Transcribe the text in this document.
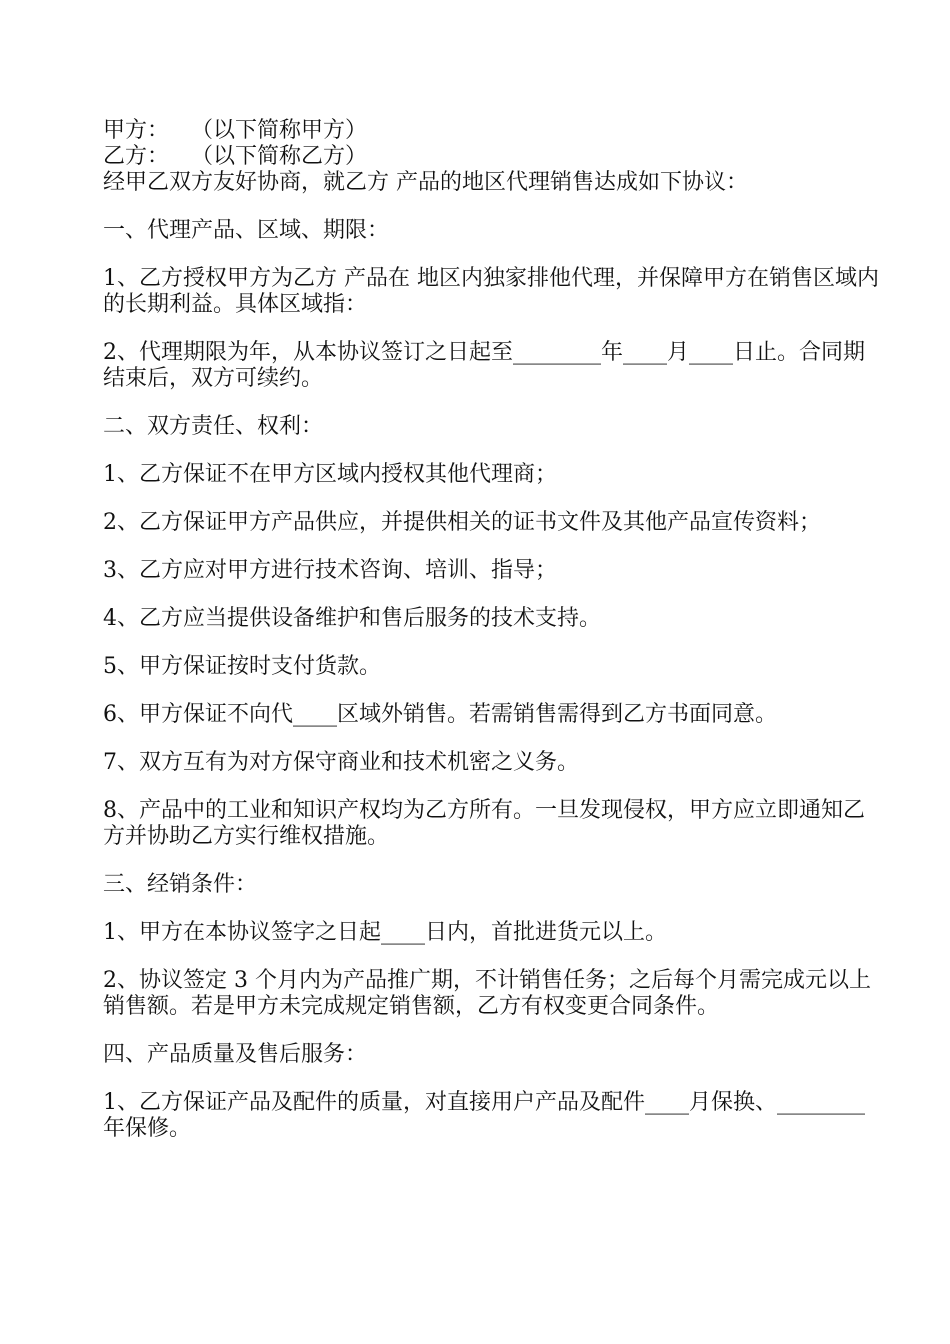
甲方： （以下简称甲方）

乙方： （以下简称乙方）

经甲乙双方友好协商，就乙方 产品的地区代理销售达成如下协议：

一、代理产品、区域、期限：

1、乙方授权甲方为乙方 产品在 地区内独家排他代理，并保障甲方在销售区域内的长期利益。具体区域指：

2、代理期限为年，从本协议签订之日起至________年____月____日止。合同期结束后，双方可续约。

二、双方责任、权利：

1、乙方保证不在甲方区域内授权其他代理商；

2、乙方保证甲方产品供应，并提供相关的证书文件及其他产品宣传资料；

3、乙方应对甲方进行技术咨询、培训、指导；

4、乙方应当提供设备维护和售后服务的技术支持。

5、甲方保证按时支付货款。

6、甲方保证不向代____区域外销售。若需销售需得到乙方书面同意。

7、双方互有为对方保守商业和技术机密之义务。

8、产品中的工业和知识产权均为乙方所有。一旦发现侵权，甲方应立即通知乙方并协助乙方实行维权措施。

三、经销条件：

1、甲方在本协议签字之日起____日内，首批进货元以上。

2、协议签定 3 个月内为产品推广期，不计销售任务；之后每个月需完成元以上销售额。若是甲方未完成规定销售额，乙方有权变更合同条件。

四、产品质量及售后服务：

1、乙方保证产品及配件的质量，对直接用户产品及配件____月保换、________年保修。
